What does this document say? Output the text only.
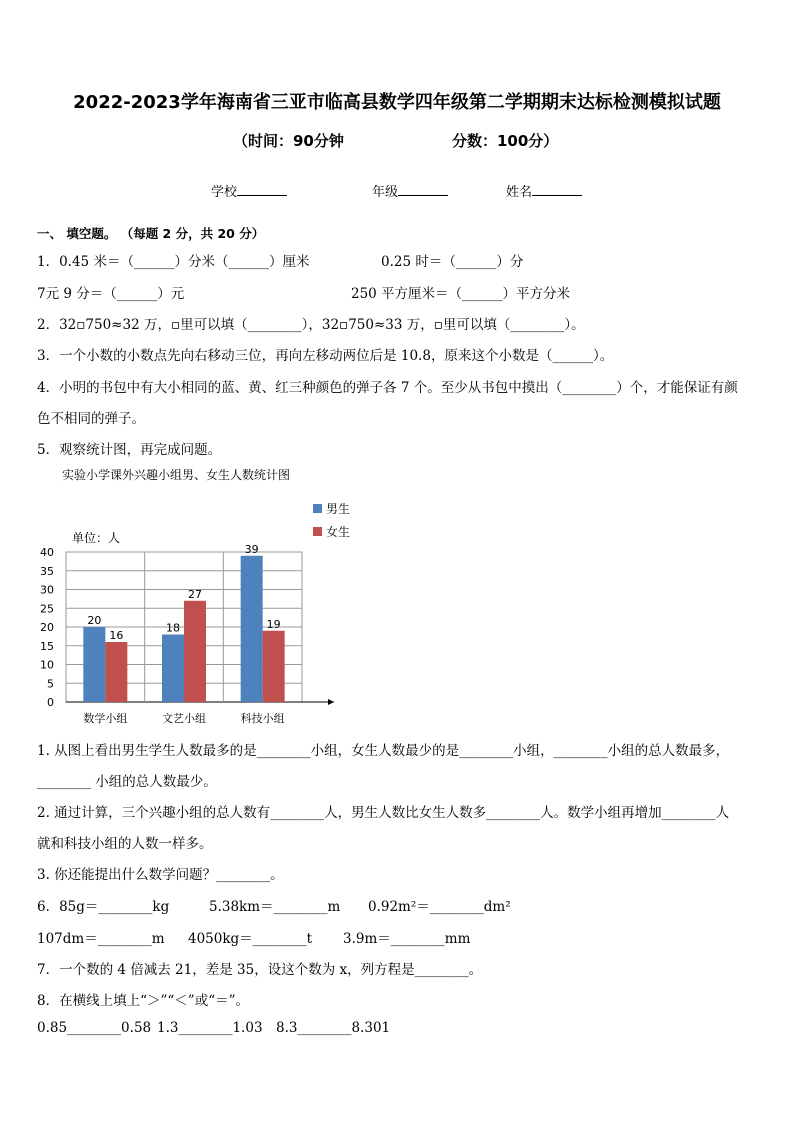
2022-2023学年海南省三亚市临高县数学四年级第二学期期末达标检测模拟试题
（时间：90分钟	分数：100分）
学校	年级	姓名
一、 填空题。 （每题 2 分，共 20 分）
1．0.45 米＝（______）分米（______）厘米	0.25 时＝（______）分
7元 9 分＝（______）元	250 平方厘米＝（______）平方分米
2．32▫750≈32 万，▫里可以填（________），32▫750≈33 万，▫里可以填（________）。
3．一个小数的小数点先向右移动三位，再向左移动两位后是 10.8，原来这个小数是（______）。
4．小明的书包中有大小相同的蓝、黄、红三种颜色的弹子各 7 个。至少从书包中摸出（________）个，才能保证有颜
色不相同的弹子。
5．观察统计图，再完成问题。
实验小学课外兴趣小组男、女生人数统计图
0
5
10
15
20
25
30
35
40
20
16
数学小组
18
27
文艺小组
39
19
科技小组
单位：人
男生
女生
1. 从图上看出男生学生人数最多的是________小组，女生人数最少的是________小组，________小组的总人数最多，
________ 小组的总人数最少。
2. 通过计算，三个兴趣小组的总人数有________人，男生人数比女生人数多________人。数学小组再增加________人
就和科技小组的人数一样多。
3. 你还能提出什么数学问题？________。
6．85g＝________kg	5.38km＝________m 0.92m²＝________dm²
107dm＝________m 4050kg＝________t 3.9m＝________mm
7．一个数的 4 倍减去 21，差是 35，设这个数为 x，列方程是________。
8．在横线上填上“＞”“＜”或“＝”。
0.85________0.58 1.3________1.03 8.3________8.301
